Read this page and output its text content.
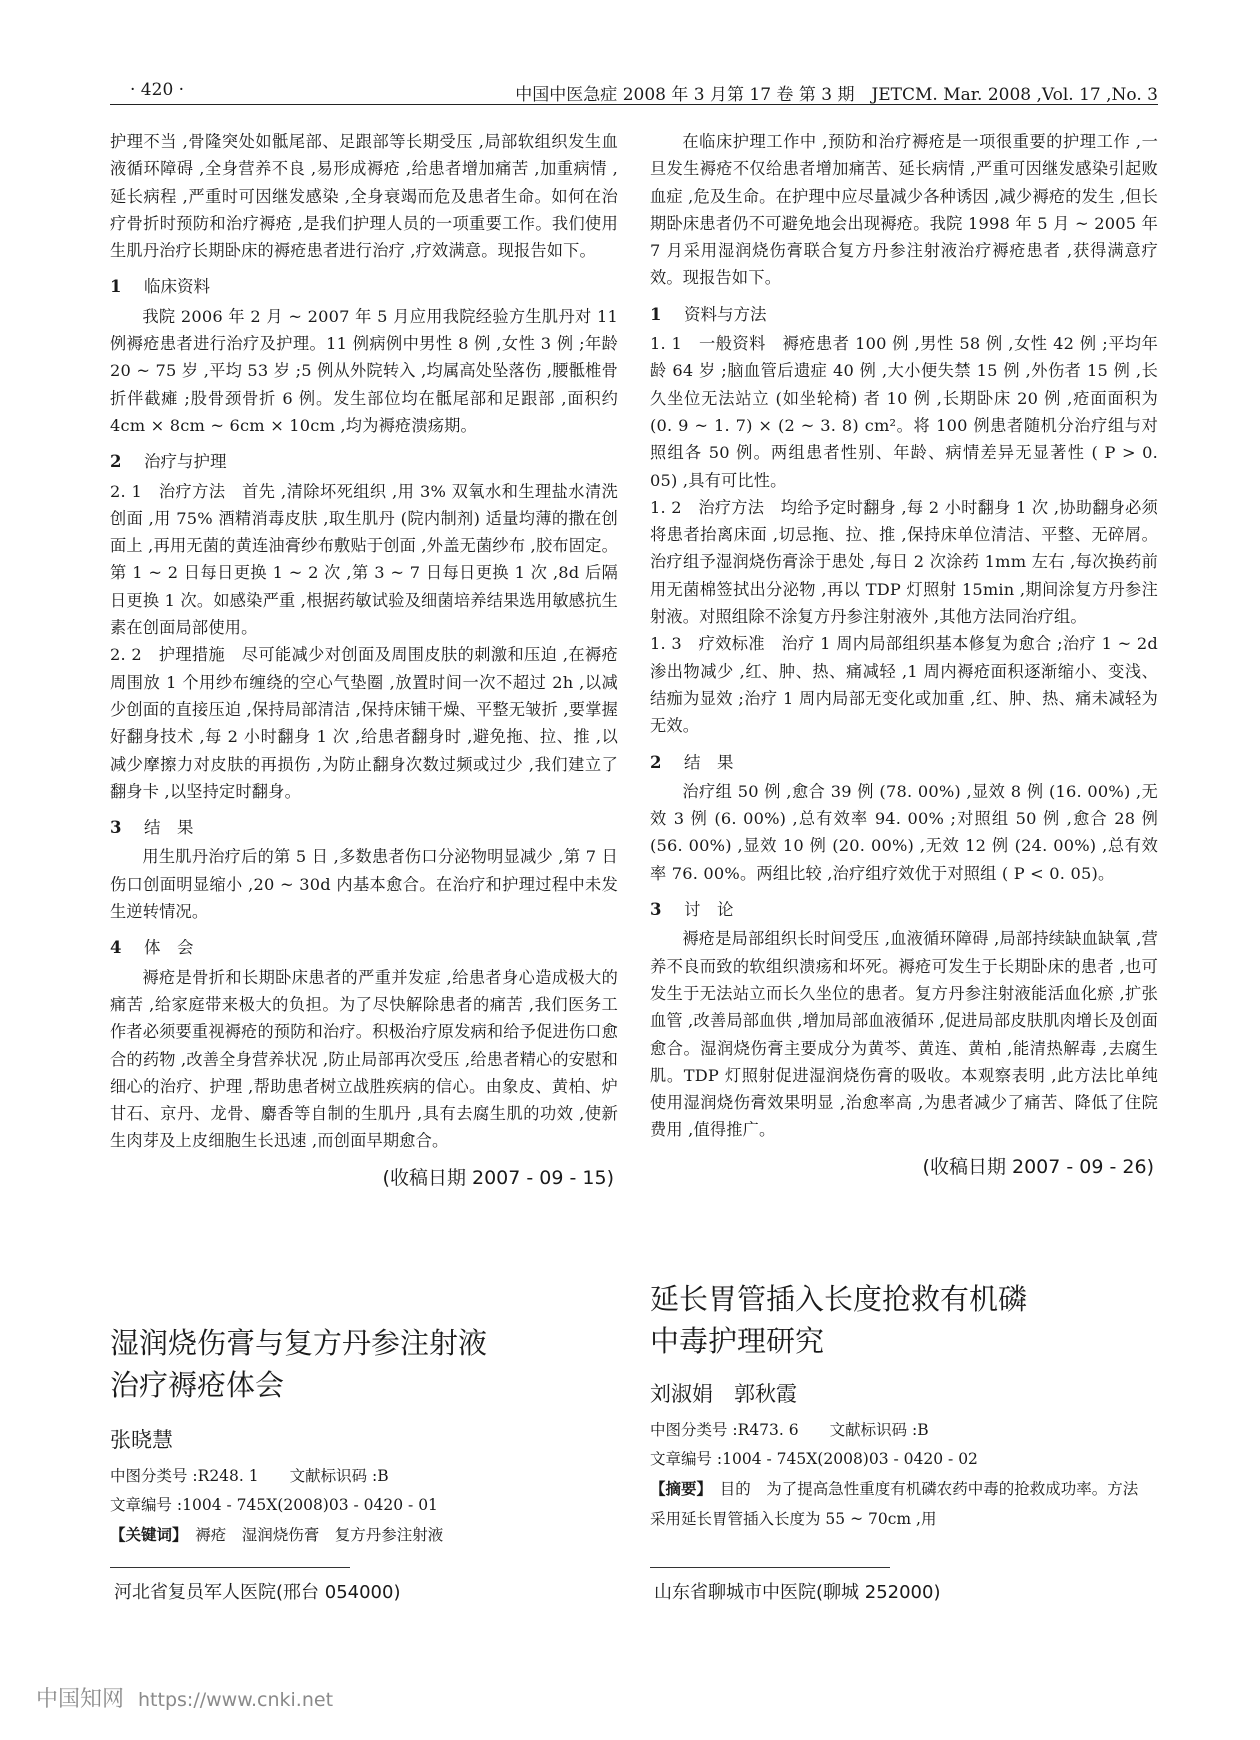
· 420 ·	中国中医急症 2008 年 3 月第 17 卷 第 3 期　JETCM. Mar. 2008 ,Vol. 17 ,No. 3

护理不当 ,骨隆突处如骶尾部、足跟部等长期受压 ,局部软组织发生血液循环障碍 ,全身营养不良 ,易形成褥疮 ,给患者增加痛苦 ,加重病情 ,延长病程 ,严重时可因继发感染 ,全身衰竭而危及患者生命。如何在治疗骨折时预防和治疗褥疮 ,是我们护理人员的一项重要工作。我们使用生肌丹治疗长期卧床的褥疮患者进行治疗 ,疗效满意。现报告如下。

1 临床资料

我院 2006 年 2 月 ~ 2007 年 5 月应用我院经验方生肌丹对 11 例褥疮患者进行治疗及护理。11 例病例中男性 8 例 ,女性 3 例 ;年龄 20 ~ 75 岁 ,平均 53 岁 ;5 例从外院转入 ,均属高处坠落伤 ,腰骶椎骨折伴截瘫 ;股骨颈骨折 6 例。发生部位均在骶尾部和足跟部 ,面积约 4cm × 8cm ~ 6cm × 10cm ,均为褥疮溃疡期。

2 治疗与护理

2. 1　 治疗方法　 首先 ,清除坏死组织 ,用 3% 双氧水和生理盐水清洗创面 ,用 75% 酒精消毒皮肤 ,取生肌丹 (院内制剂) 适量均薄的撒在创面上 ,再用无菌的黄连油膏纱布敷贴于创面 ,外盖无菌纱布 ,胶布固定。第 1 ~ 2 日每日更换 1 ~ 2 次 ,第 3 ~ 7 日每日更换 1 次 ,8d 后隔日更换 1 次。如感染严重 ,根据药敏试验及细菌培养结果选用敏感抗生素在创面局部使用。

2. 2　 护理措施　 尽可能减少对创面及周围皮肤的刺激和压迫 ,在褥疮周围放 1 个用纱布缠绕的空心气垫圈 ,放置时间一次不超过 2h ,以减少创面的直接压迫 ,保持局部清洁 ,保持床铺干燥、平整无皱折 ,要掌握好翻身技术 ,每 2 小时翻身 1 次 ,给患者翻身时 ,避免拖、拉、推 ,以减少摩擦力对皮肤的再损伤 ,为防止翻身次数过频或过少 ,我们建立了翻身卡 ,以坚持定时翻身。

3 结　果

用生肌丹治疗后的第 5 日 ,多数患者伤口分泌物明显减少 ,第 7 日伤口创面明显缩小 ,20 ~ 30d 内基本愈合。在治疗和护理过程中未发生逆转情况。

4 体　会

褥疮是骨折和长期卧床患者的严重并发症 ,给患者身心造成极大的痛苦 ,给家庭带来极大的负担。为了尽快解除患者的痛苦 ,我们医务工作者必须要重视褥疮的预防和治疗。积极治疗原发病和给予促进伤口愈合的药物 ,改善全身营养状况 ,防止局部再次受压 ,给患者精心的安慰和细心的治疗、护理 ,帮助患者树立战胜疾病的信心。由象皮、黄柏、炉甘石、京丹、龙骨、麝香等自制的生肌丹 ,具有去腐生肌的功效 ,使新生肉芽及上皮细胞生长迅速 ,而创面早期愈合。

(收稿日期 2007 - 09 - 15)

湿润烧伤膏与复方丹参注射液

治疗褥疮体会

张晓慧

中图分类号 :R248. 1　　文献标识码 :B

文章编号 :1004 - 745X(2008)03 - 0420 - 01

【关键词】　 褥疮　湿润烧伤膏　复方丹参注射液

河北省复员军人医院(邢台 054000)

在临床护理工作中 ,预防和治疗褥疮是一项很重要的护理工作 ,一旦发生褥疮不仅给患者增加痛苦、延长病情 ,严重可因继发感染引起败血症 ,危及生命。在护理中应尽量减少各种诱因 ,减少褥疮的发生 ,但长期卧床患者仍不可避免地会出现褥疮。我院 1998 年 5 月 ~ 2005 年 7 月采用湿润烧伤膏联合复方丹参注射液治疗褥疮患者 ,获得满意疗效。现报告如下。

1 资料与方法

1. 1　 一般资料　 褥疮患者 100 例 ,男性 58 例 ,女性 42 例 ;平均年龄 64 岁 ;脑血管后遗症 40 例 ,大小便失禁 15 例 ,外伤者 15 例 ,长久坐位无法站立 (如坐轮椅) 者 10 例 ,长期卧床 20 例 ,疮面面积为 (0. 9 ~ 1. 7) × (2 ~ 3. 8) cm²。将 100 例患者随机分治疗组与对照组各 50 例。两组患者性别、年龄、病情差异无显著性 ( P > 0. 05) ,具有可比性。

1. 2　 治疗方法　 均给予定时翻身 ,每 2 小时翻身 1 次 ,协助翻身必须将患者抬离床面 ,切忌拖、拉、推 ,保持床单位清洁、平整、无碎屑。治疗组予湿润烧伤膏涂于患处 ,每日 2 次涂药 1mm 左右 ,每次换药前用无菌棉签拭出分泌物 ,再以 TDP 灯照射 15min ,期间涂复方丹参注射液。对照组除不涂复方丹参注射液外 ,其他方法同治疗组。

1. 3　 疗效标准　 治疗 1 周内局部组织基本修复为愈合 ;治疗 1 ~ 2d 渗出物减少 ,红、肿、热、痛减轻 ,1 周内褥疮面积逐渐缩小、变浅、结痂为显效 ;治疗 1 周内局部无变化或加重 ,红、肿、热、痛未减轻为无效。

2 结　果

治疗组 50 例 ,愈合 39 例 (78. 00%) ,显效 8 例 (16. 00%) ,无效 3 例 (6. 00%) ,总有效率 94. 00% ;对照组 50 例 ,愈合 28 例 (56. 00%) ,显效 10 例 (20. 00%) ,无效 12 例 (24. 00%) ,总有效率 76. 00%。两组比较 ,治疗组疗效优于对照组 ( P < 0. 05)。

3 讨　论

褥疮是局部组织长时间受压 ,血液循环障碍 ,局部持续缺血缺氧 ,营养不良而致的软组织溃疡和坏死。褥疮可发生于长期卧床的患者 ,也可发生于无法站立而长久坐位的患者。复方丹参注射液能活血化瘀 ,扩张血管 ,改善局部血供 ,增加局部血液循环 ,促进局部皮肤肌肉增长及创面愈合。湿润烧伤膏主要成分为黄芩、黄连、黄柏 ,能清热解毒 ,去腐生肌。TDP 灯照射促进湿润烧伤膏的吸收。本观察表明 ,此方法比单纯使用湿润烧伤膏效果明显 ,治愈率高 ,为患者减少了痛苦、降低了住院费用 ,值得推广。

(收稿日期 2007 - 09 - 26)

延长胃管插入长度抢救有机磷

中毒护理研究

刘淑娟　郭秋霞

中图分类号 :R473. 6　　文献标识码 :B

文章编号 :1004 - 745X(2008)03 - 0420 - 02

【摘要】　 目的　为了提高急性重度有机磷农药中毒的抢救成功率。方法　采用延长胃管插入长度为 55 ~ 70cm ,用

山东省聊城市中医院(聊城 252000)
中国知网 https://www.cnki.net
